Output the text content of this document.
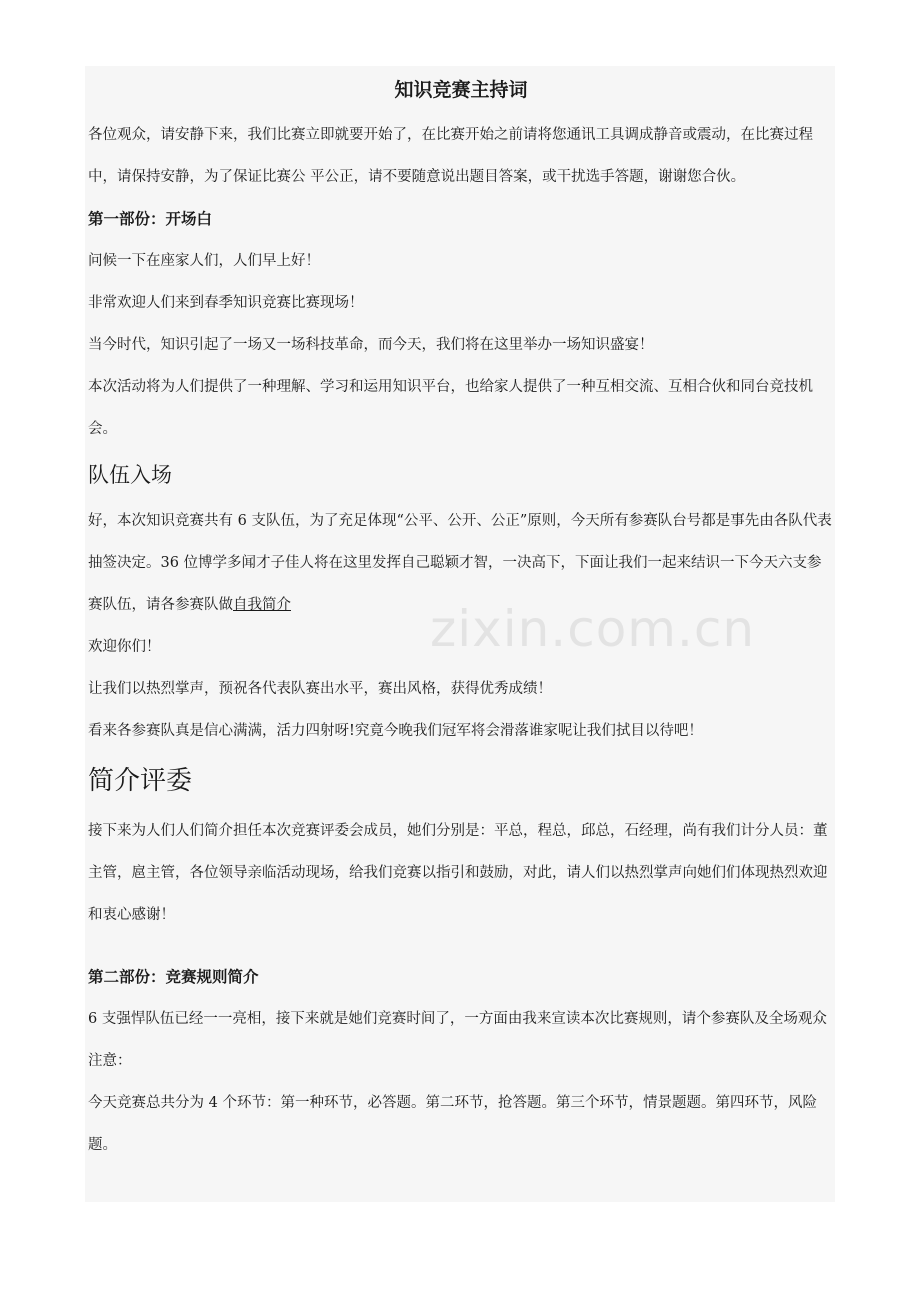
知识竞赛主持词

各位观众，请安静下来，我们比赛立即就要开始了，在比赛开始之前请将您通讯工具调成静音或震动，在比赛过程中，请保持安静，为了保证比赛公 平公正，请不要随意说出题目答案，或干扰选手答题，谢谢您合伙。

第一部份：开场白

问候一下在座家人们，人们早上好！

非常欢迎人们来到春季知识竞赛比赛现场！

当今时代，知识引起了一场又一场科技革命，而今天，我们将在这里举办一场知识盛宴！

本次活动将为人们提供了一种理解、学习和运用知识平台，也给家人提供了一种互相交流、互相合伙和同台竞技机会。

队伍入场

好，本次知识竞赛共有 6 支队伍，为了充足体现“公平、公开、公正”原则，今天所有参赛队台号都是事先由各队代表抽签决定。36 位博学多闻才子佳人将在这里发挥自己聪颖才智，一决高下，下面让我们一起来结识一下今天六支参赛队伍，请各参赛队做自我简介

欢迎你们！

让我们以热烈掌声，预祝各代表队赛出水平，赛出风格，获得优秀成绩！

看来各参赛队真是信心满满，活力四射呀!究竟今晚我们冠军将会滑落谁家呢让我们拭目以待吧！

简介评委

接下来为人们人们简介担任本次竞赛评委会成员，她们分别是：平总，程总，邱总，石经理，尚有我们计分人员：董主管，扈主管，各位领导亲临活动现场，给我们竞赛以指引和鼓励，对此，请人们以热烈掌声向她们们体现热烈欢迎和衷心感谢！

第二部份：竞赛规则简介

6 支强悍队伍已经一一亮相，接下来就是她们竞赛时间了，一方面由我来宣读本次比赛规则，请个参赛队及全场观众注意：

今天竞赛总共分为 4 个环节：第一种环节，必答题。第二环节，抢答题。第三个环节，情景题题。第四环节，风险题。

zixin.com.cn
